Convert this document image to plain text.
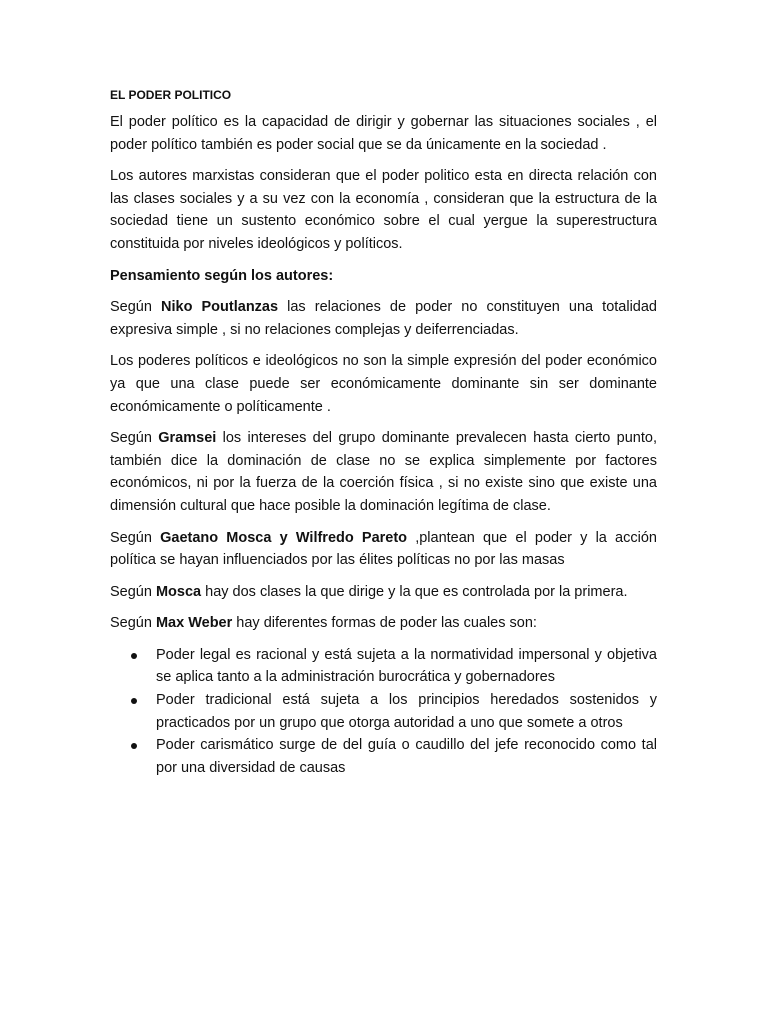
EL PODER POLITICO

El poder político es la capacidad de dirigir y gobernar las situaciones sociales , el poder político también es poder social que se da únicamente en la sociedad .

Los autores marxistas consideran que el poder politico esta en directa relación con las clases sociales y a su vez con la economía , consideran que la estructura de la sociedad tiene un sustento económico sobre el cual yergue la superestructura constituida por niveles ideológicos y políticos.

Pensamiento según los autores:

Según Niko Poutlanzas las relaciones de poder no constituyen una totalidad expresiva simple , si no relaciones complejas y deiferrenciadas.

Los poderes políticos e ideológicos no son la simple expresión del poder económico ya que una clase puede ser económicamente dominante sin ser dominante económicamente o políticamente .

Según Gramsei los intereses del grupo dominante prevalecen hasta cierto punto, también dice la dominación de clase no se explica simplemente por factores económicos, ni por la fuerza de la coerción física , si no existe sino que existe una dimensión cultural que hace posible la dominación legítima de clase.

Según Gaetano Mosca y Wilfredo Pareto ,plantean que el poder y la acción política se hayan influenciados por las élites políticas no por las masas

Según Mosca hay dos clases la que dirige y la que es controlada por la primera.

Según Max Weber hay diferentes formas de poder las cuales son:

Poder legal es racional y está sujeta a la normatividad impersonal y objetiva se aplica tanto a la administración burocrática y gobernadores
Poder tradicional está sujeta a los principios heredados sostenidos y practicados por un grupo que otorga autoridad a uno que somete a otros
Poder carismático surge de del guía o caudillo del jefe reconocido como tal por una diversidad de causas
